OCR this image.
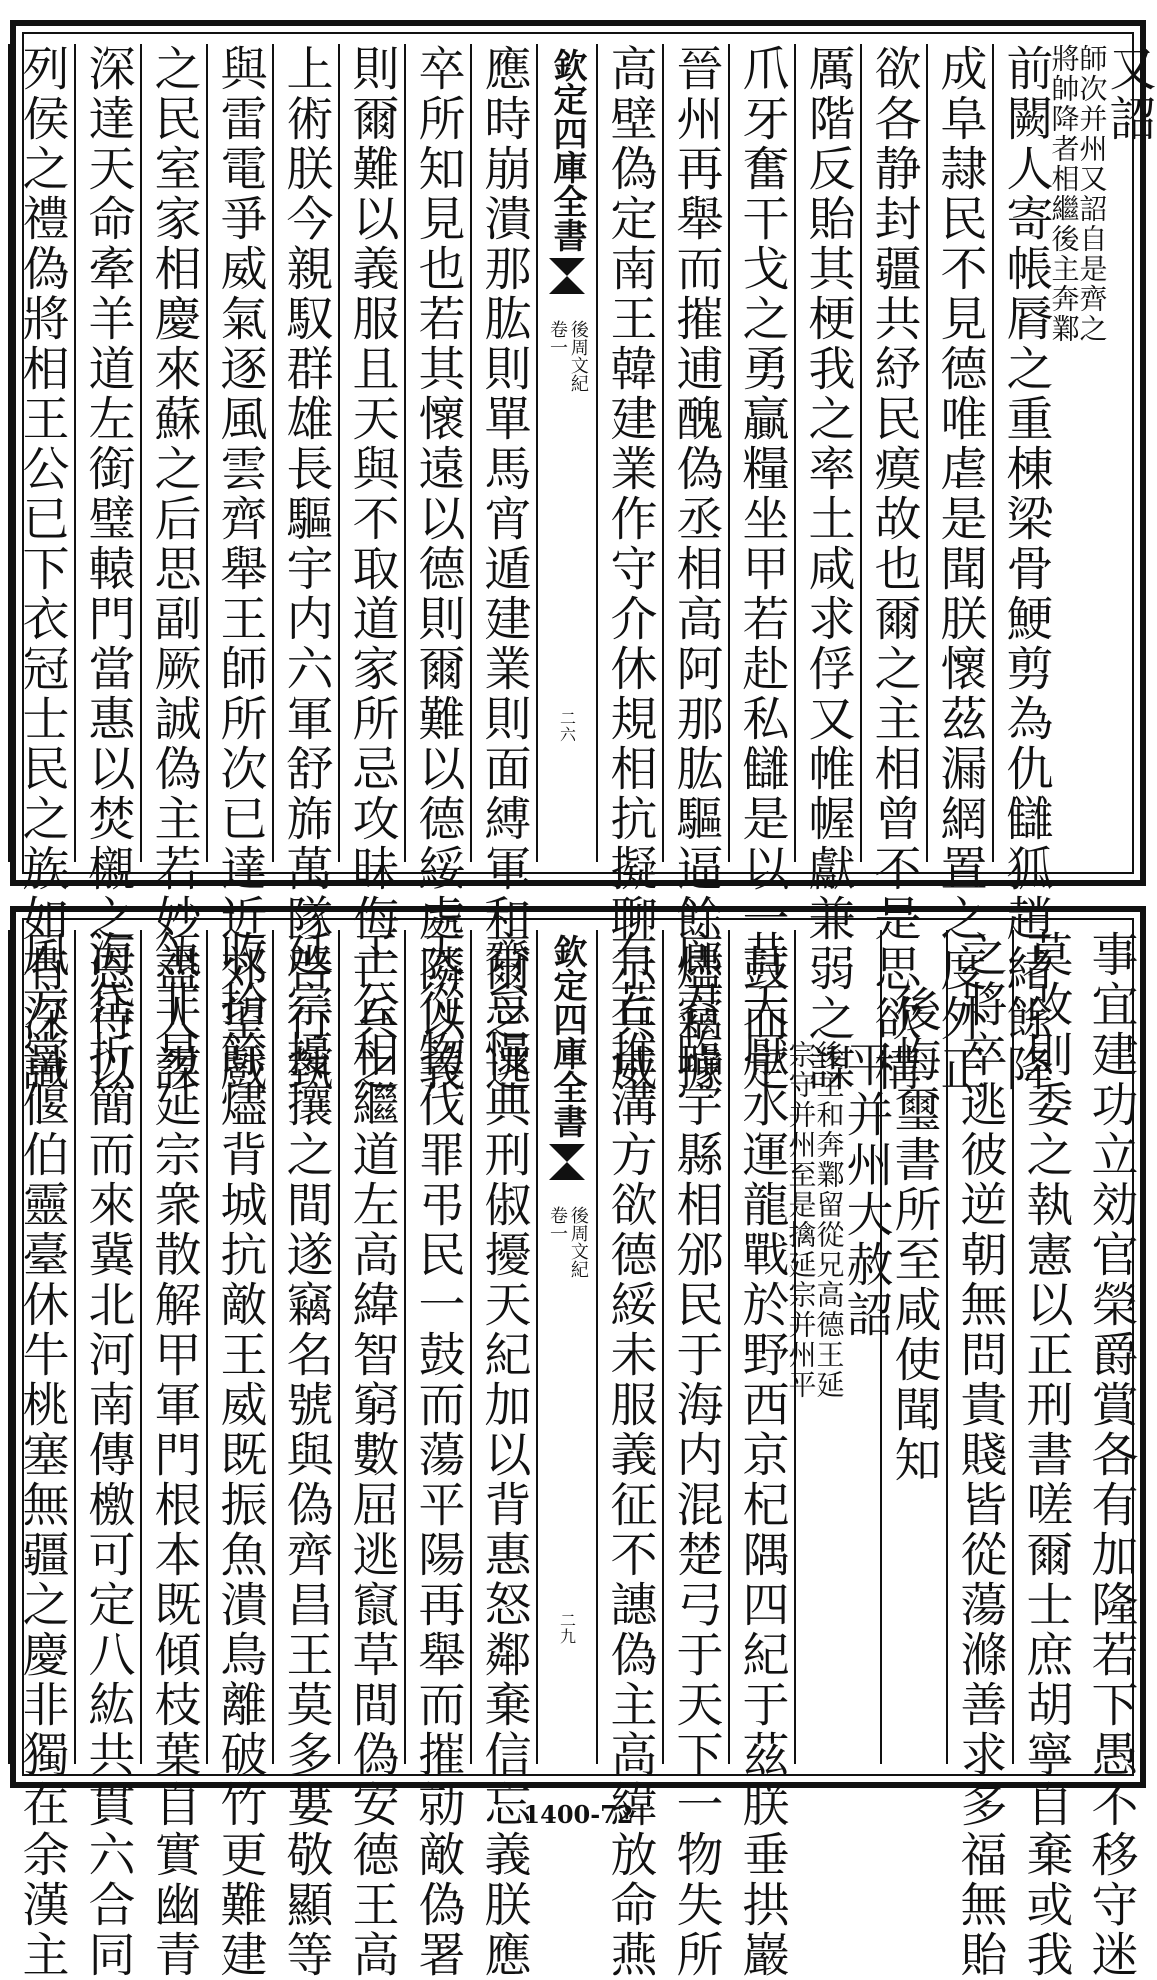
又詔
師次并州又詔自是齊之
將帥降者相繼後主奔鄴
前闕人寄帳脣之重棟梁骨鯁剪為仇讎狐趙緒餘降
成阜隷民不見德唯虐是聞朕懷茲漏網置之度外正
欲各静封疆共紓民瘼故也爾之主相曾不是思欲構
厲階反貽其梗我之率土咸求俘又帷幄獻兼弱之謀
爪牙奮干戈之勇贏糧坐甲若赴私讎是以一鼓而定
晉州再舉而摧逋醜偽丞相高阿那肱驅逼餘燼竊據
高壁偽定南王韓建業作守介休規相抗擬聊示兵威
欽定四庫全書
後周文紀
卷一
二六
應時崩潰那肱則單馬宵遁建業則面縛軍和爾之逃
卒所知見也若其懷遠以德則爾難以德綏處隣以義
則爾難以義服且天與不取道家所忌攻昧侮亡兵之
上術朕今親馭群雄長驅宇内六軍舒旆萬隊啓行埶
與雷電爭威氣逐風雲齊舉王師所次已達近郊望戲
之民室家相慶來蘇之后思副厥誠偽主若妙盡人謀
深達天命牽羊道左銜璧轅門當惠以焚櫬之恩待以
列侯之禮偽將相王公已下衣冠士民之族如有深識
事宜建功立効官榮爵賞各有加隆若下愚不移守迷
莫改則委之執憲以正刑書嗟爾士庶胡寧自棄或我
之將卒逃彼逆朝無問貴賤皆從蕩滌善求多福無貽
後悔璽書所至咸使聞知
平并州大赦詔
後主和奔鄴留從兄高德王延
宗守并州至是擒延宗并州平
昔天厭水運龍戰於野西京杞隅四紀于茲朕垂拱巖
廊君臨宇縣相邠民于海内混楚弓于天下一物失所
有若推溝方欲德綏未服義征不譓偽主高緯放命燕
欽定四庫全書
後周文紀
卷一
二九
齊怠慢典刑俶擾天紀加以背惠怒鄰棄信忘義朕應
天從物伐罪弔民一鼓而蕩平陽再舉而摧勍敵偽署
王公相繼道左高緯智窮數屈逃竄草間偽安德王高
延宗擾攘之間遂竊名號與偽齊昌王莫多婁敬顯等
收拾餘燼背城抗敵王威既振魚潰鳥離破竹更難建
瓴非易延宗衆散解甲軍門根本既傾枝葉自實幽青
海岱折簡而來冀北河南傳檄可定八紘共貫六合同
風方當偃伯靈臺休牛桃塞無疆之慶非獨在余漢主	1400-72
